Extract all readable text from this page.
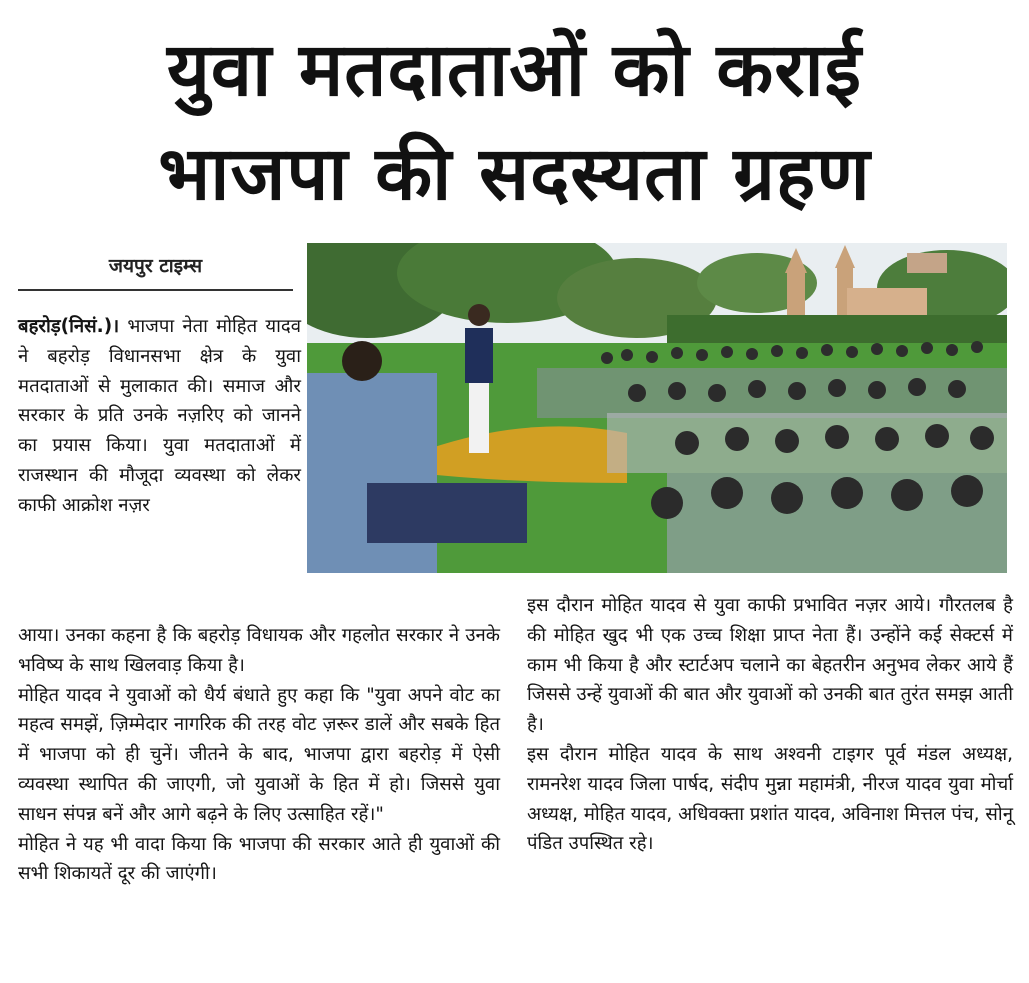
युवा मतदाताओं को कराई
भाजपा की सदस्यता ग्रहण
जयपुर टाइम्स

बहरोड़(निसं.)। भाजपा नेता मोहित यादव ने बहरोड़ विधानसभा क्षेत्र के युवा मतदाताओं से मुलाकात की। समाज और सरकार के प्रति उनके नज़रिए को जानने का प्रयास किया। युवा मतदाताओं में राजस्थान की मौजूदा व्यवस्था को लेकर काफी आक्रोश नज़र

आया। उनका कहना है कि बहरोड़ विधायक और गहलोत सरकार ने उनके भविष्य के साथ खिलवाड़ किया है।

मोहित यादव ने युवाओं को धैर्य बंधाते हुए कहा कि "युवा अपने वोट का महत्व समझें, ज़िम्मेदार नागरिक की तरह वोट ज़रूर डालें और सबके हित में भाजपा को ही चुनें। जीतने के बाद, भाजपा द्वारा बहरोड़ में ऐसी व्यवस्था स्थापित की जाएगी, जो युवाओं के हित में हो। जिससे युवा साधन संपन्न बनें और आगे बढ़ने के लिए उत्साहित रहें।"

मोहित ने यह भी वादा किया कि भाजपा की सरकार आते ही युवाओं की सभी शिकायतें दूर की जाएंगी।

इस दौरान मोहित यादव से युवा काफी प्रभावित नज़र आये। गौरतलब है की मोहित खुद भी एक उच्च शिक्षा प्राप्त नेता हैं। उन्होंने कई सेक्टर्स में काम भी किया है और स्टार्टअप चलाने का बेहतरीन अनुभव लेकर आये हैं जिससे उन्हें युवाओं की बात और युवाओं को उनकी बात तुरंत समझ आती है।

इस दौरान मोहित यादव के साथ अश्वनी टाइगर पूर्व मंडल अध्यक्ष, रामनरेश यादव जिला पार्षद, संदीप मुन्ना महामंत्री, नीरज यादव युवा मोर्चा अध्यक्ष, मोहित यादव, अधिवक्ता प्रशांत यादव, अविनाश मित्तल पंच, सोनू पंडित उपस्थित रहे।
